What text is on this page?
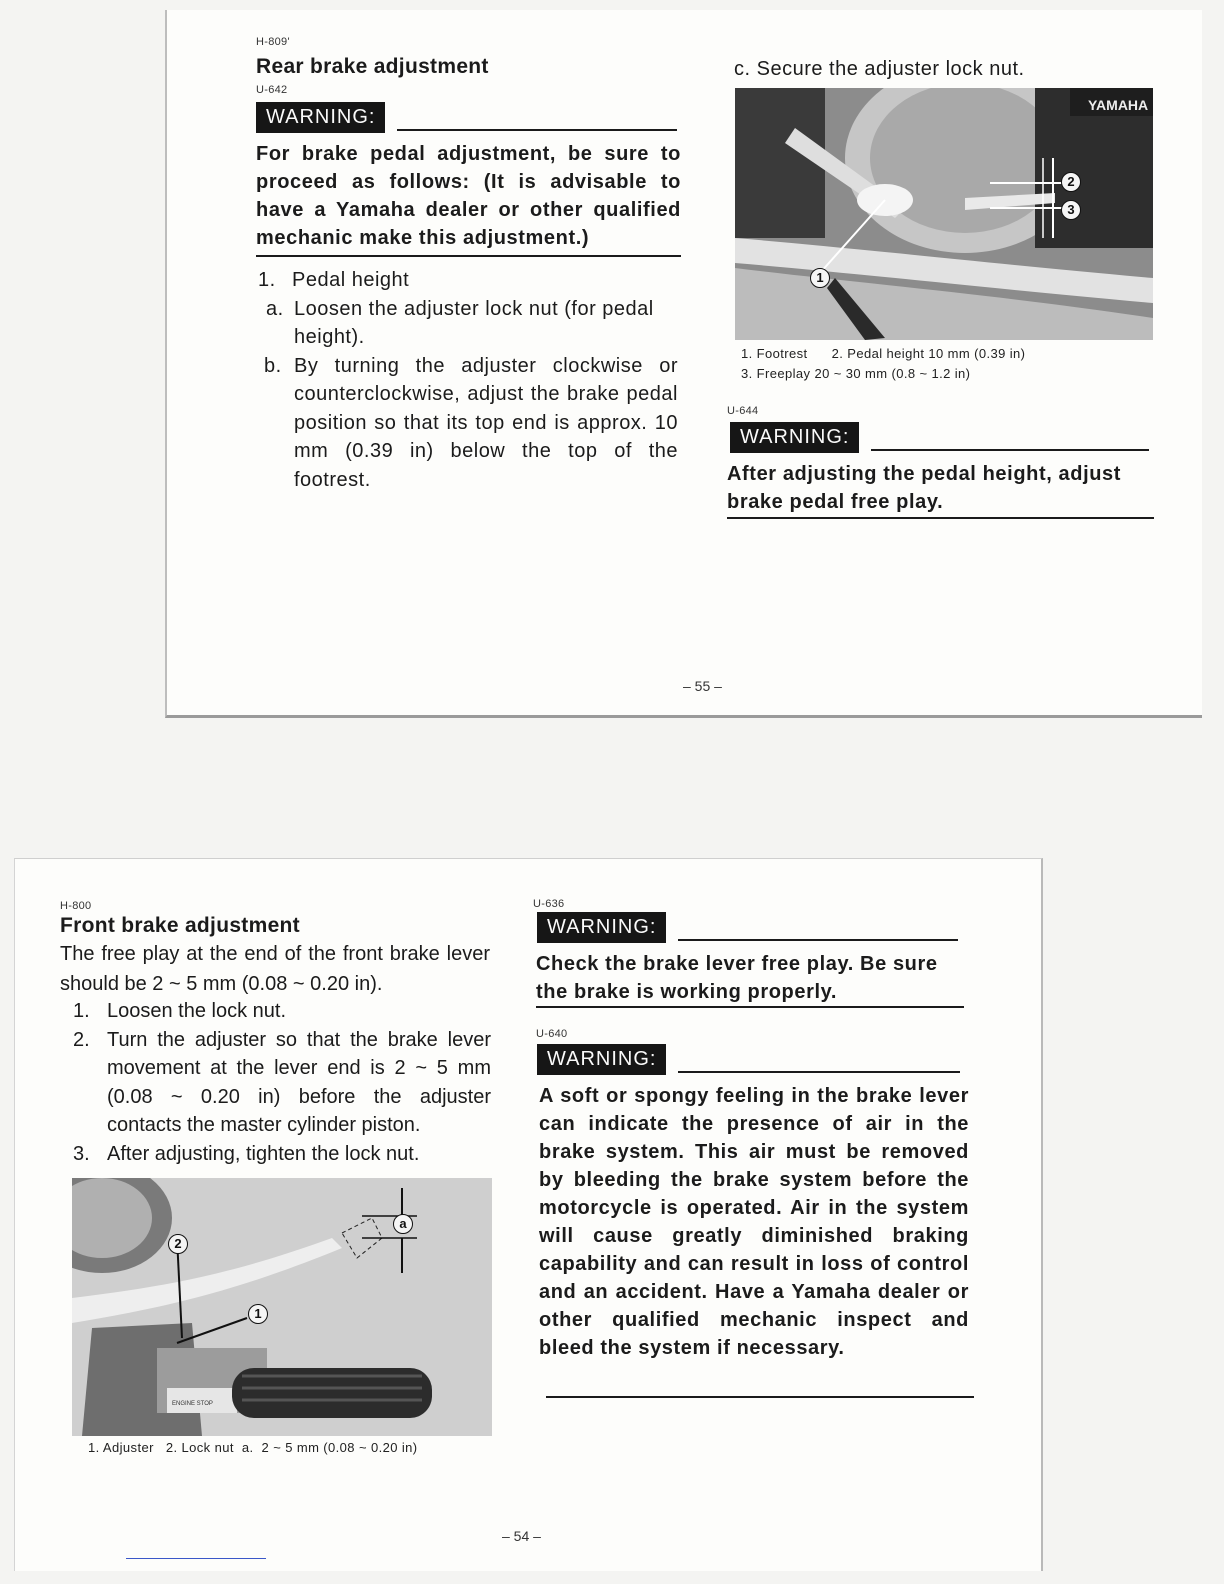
H-809'
Rear brake adjustment
U-642
WARNING:
For brake pedal adjustment, be sure to proceed as follows: (It is advisable to have a Yamaha dealer or other qualified mechanic make this adjustment.)
1. Pedal height
a. Loosen the adjuster lock nut (for pedal height).
b. By turning the adjuster clockwise or counterclockwise, adjust the brake pedal position so that its top end is approx. 10 mm (0.39 in) below the top of the footrest.
c. Secure the adjuster lock nut.
YAMAHA
2
3
1
1. Footrest      2. Pedal height 10 mm (0.39 in)
3. Freeplay 20 ~ 30 mm (0.8 ~ 1.2 in)
U-644
WARNING:
After adjusting the pedal height, adjust brake pedal free play.
– 55 –
H-800
Front brake adjustment
The free play at the end of the front brake lever should be 2 ~ 5 mm (0.08 ~ 0.20 in).
1. Loosen the lock nut.
2. Turn the adjuster so that the brake lever movement at the lever end is 2 ~ 5 mm (0.08 ~ 0.20 in) before the adjuster contacts the master cylinder piston.
3. After adjusting, tighten the lock nut.
ENGINE STOP
2
1
a
1. Adjuster   2. Lock nut  a.  2 ~ 5 mm (0.08 ~ 0.20 in)
U-636
WARNING:
Check the brake lever free play. Be sure the brake is working properly.
U-640
WARNING:
A soft or spongy feeling in the brake lever can indicate the presence of air in the brake system. This air must be removed by bleeding the brake system before the motorcycle is operated. Air in the system will cause greatly diminished braking capability and can result in loss of control and an accident. Have a Yamaha dealer or other qualified mechanic inspect and bleed the system if necessary.
– 54 –
